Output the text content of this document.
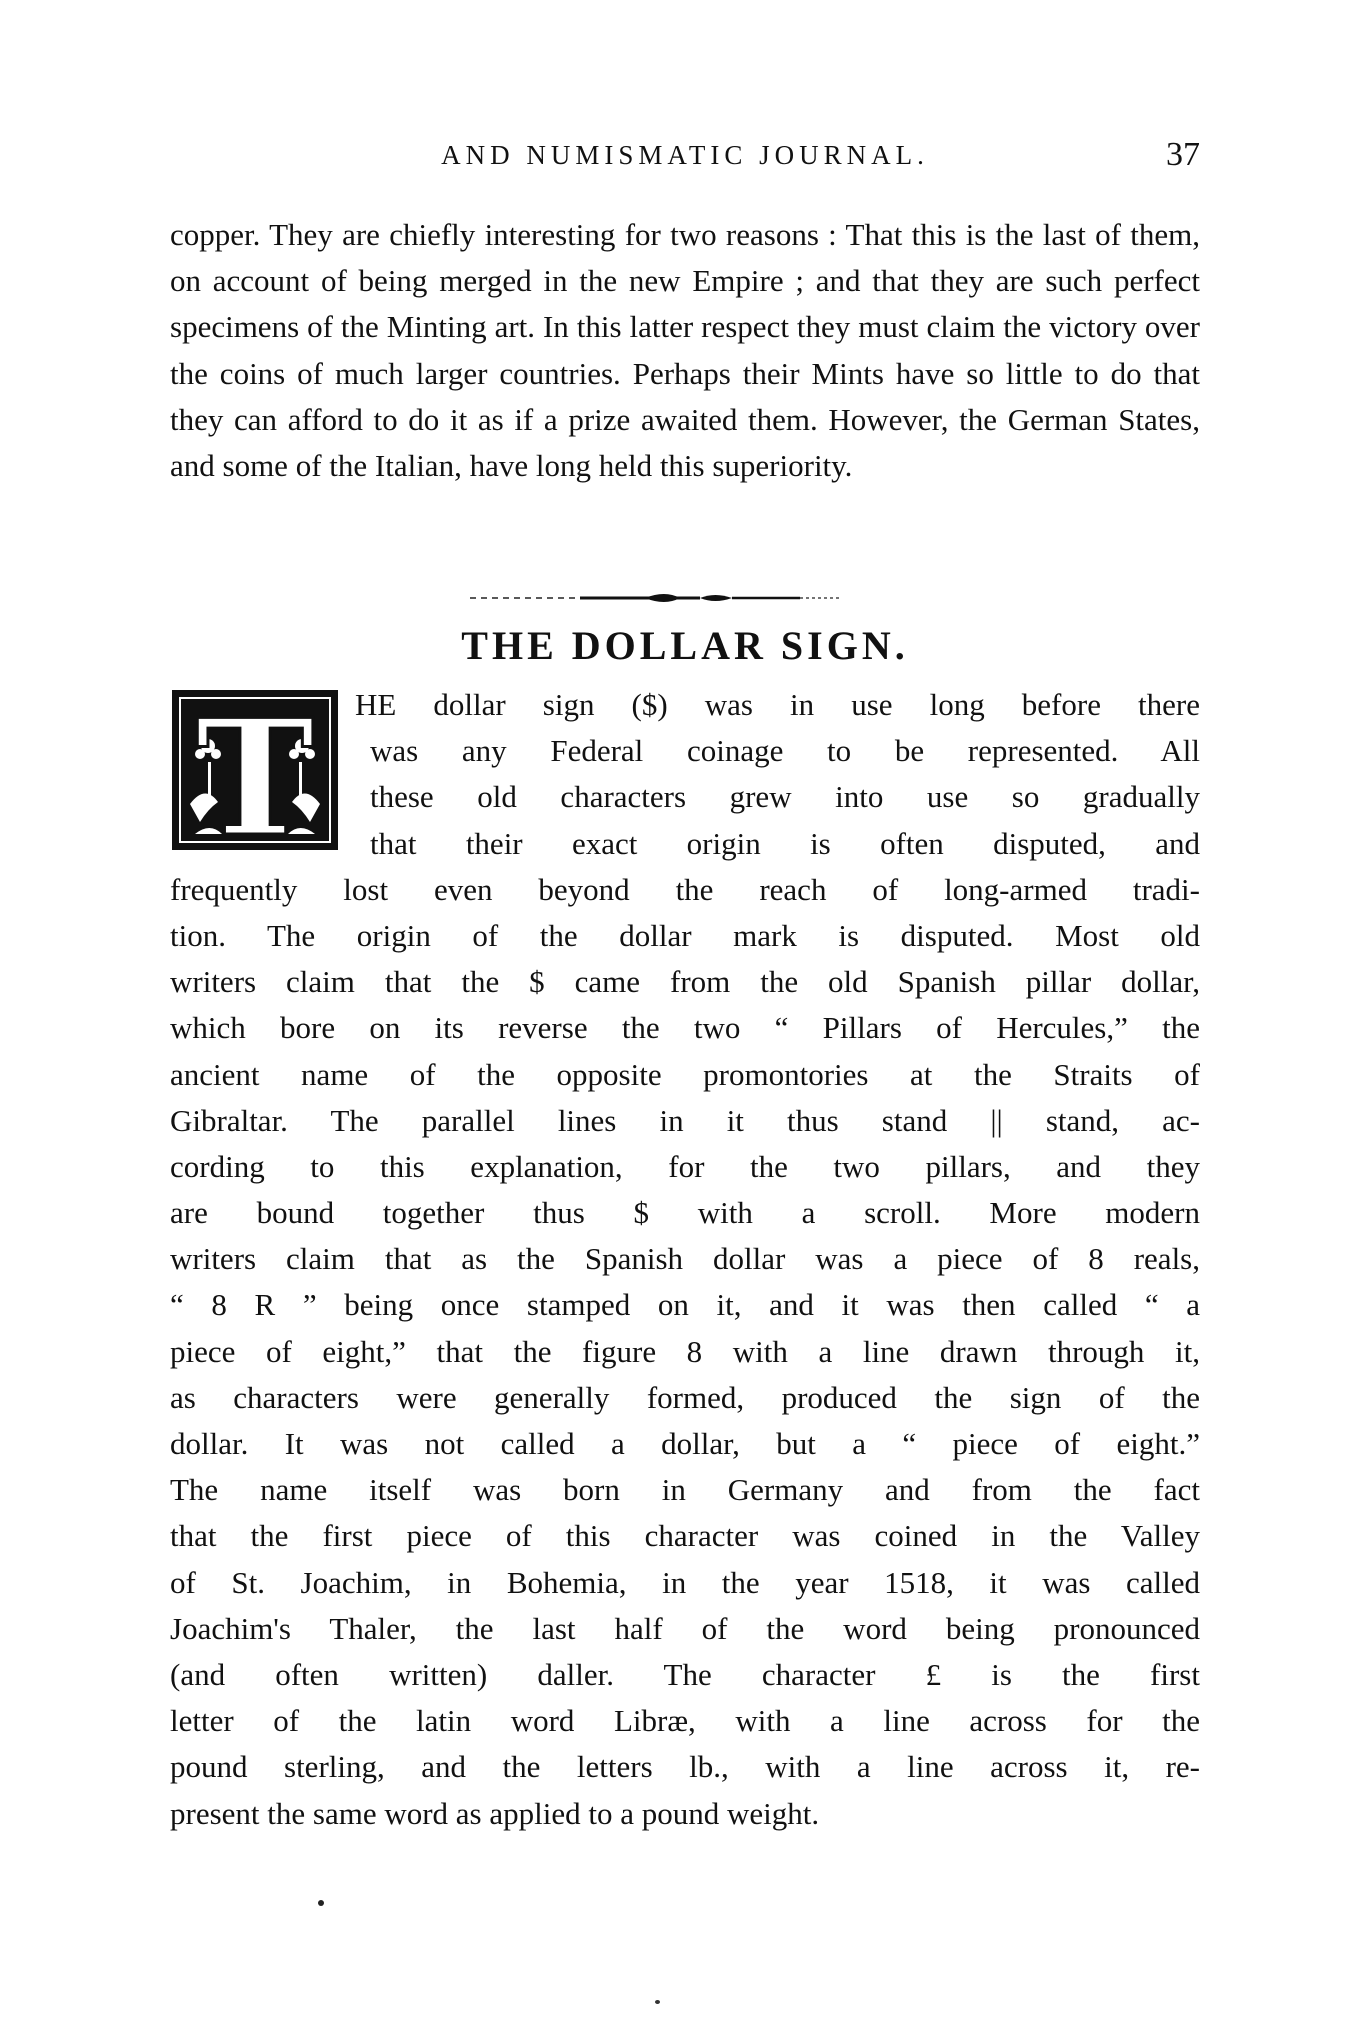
AND NUMISMATIC JOURNAL.	37

copper. They are chiefly interesting for two reasons : That this is the last of them, on account of being merged in the new Empire ; and that they are such perfect specimens of the Minting art. In this latter respect they must claim the victory over the coins of much larger countries. Perhaps their Mints have so little to do that they can afford to do it as if a prize awaited them. However, the German States, and some of the Italian, have long held this superiority.

THE DOLLAR SIGN.
T	HE dollar sign ($) was in use long before there
was any Federal coinage to be represented. All
these old characters grew into use so gradually
that their exact origin is often disputed, and
frequently lost even beyond the reach of long-armed tradi-
tion. The origin of the dollar mark is disputed. Most old
writers claim that the $ came from the old Spanish pillar dollar,
which bore on its reverse the two “ Pillars of Hercules,” the
ancient name of the opposite promontories at the Straits of
Gibraltar. The parallel lines in it thus stand || stand, ac-
cording to this explanation, for the two pillars, and they
are bound together thus $ with a scroll. More modern
writers claim that as the Spanish dollar was a piece of 8 reals,
“ 8 R ” being once stamped on it, and it was then called “ a
piece of eight,” that the figure 8 with a line drawn through it,
as characters were generally formed, produced the sign of the
dollar. It was not called a dollar, but a “ piece of eight.”
The name itself was born in Germany and from the fact
that the first piece of this character was coined in the Valley
of St. Joachim, in Bohemia, in the year 1518, it was called
Joachim's Thaler, the last half of the word being pronounced
(and often written) daller. The character £ is the first
letter of the latin word Libræ, with a line across for the
pound sterling, and the letters lb., with a line across it, re-
present the same word as applied to a pound weight.
